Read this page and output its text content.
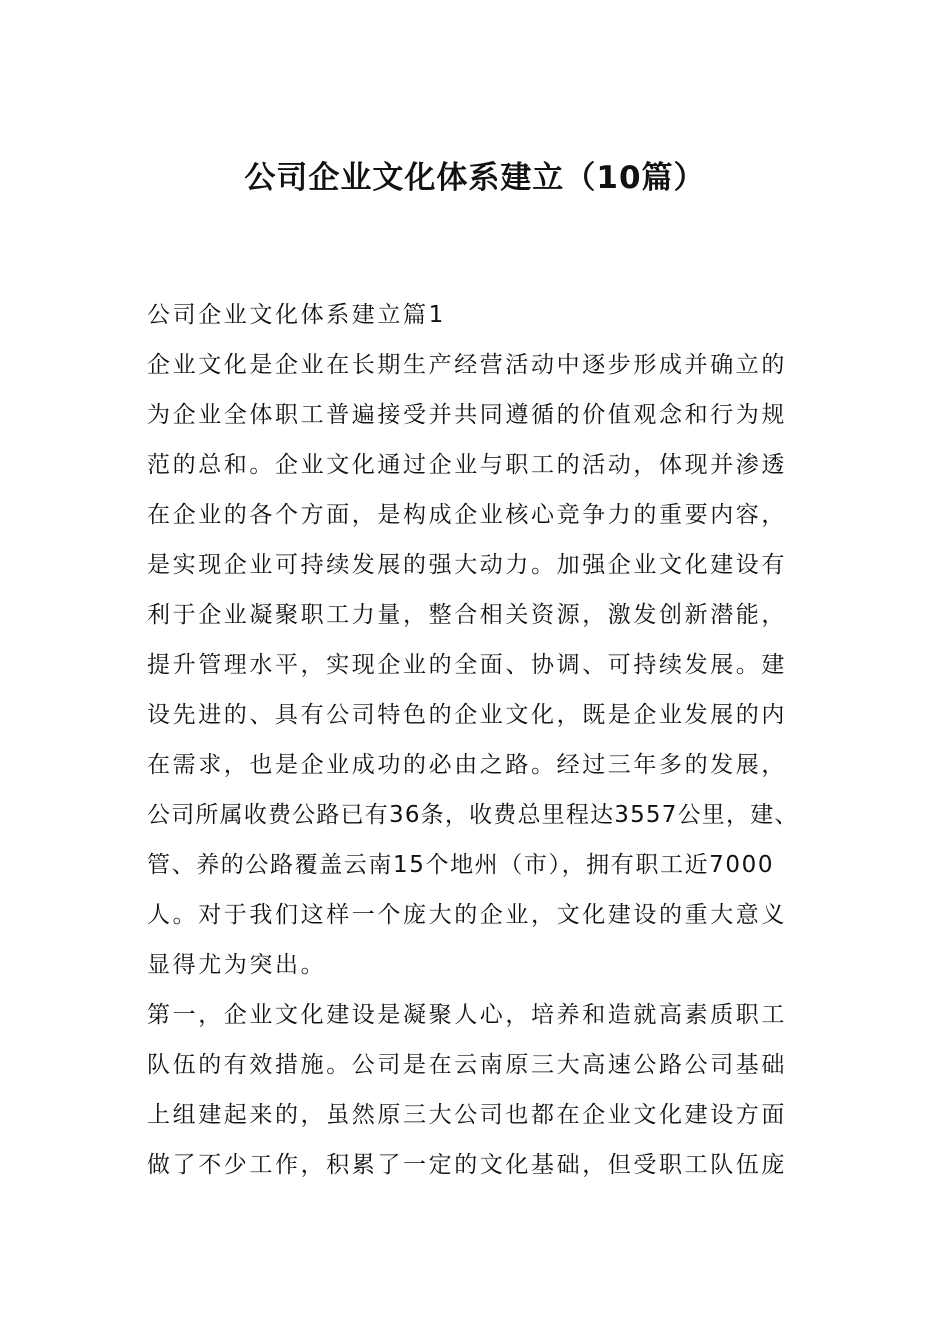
公司企业文化体系建立（10篇）
公司企业文化体系建立篇1
企业文化是企业在长期生产经营活动中逐步形成并确立的
为企业全体职工普遍接受并共同遵循的价值观念和行为规
范的总和。企业文化通过企业与职工的活动，体现并渗透
在企业的各个方面，是构成企业核心竞争力的重要内容，
是实现企业可持续发展的强大动力。加强企业文化建设有
利于企业凝聚职工力量，整合相关资源，激发创新潜能，
提升管理水平，实现企业的全面、协调、可持续发展。建
设先进的、具有公司特色的企业文化，既是企业发展的内
在需求，也是企业成功的必由之路。经过三年多的发展，
公司所属收费公路已有36条，收费总里程达3557公里，建、
管、养的公路覆盖云南15个地州（市），拥有职工近7000
人。对于我们这样一个庞大的企业，文化建设的重大意义
显得尤为突出。
第一，企业文化建设是凝聚人心，培养和造就高素质职工
队伍的有效措施。公司是在云南原三大高速公路公司基础
上组建起来的，虽然原三大公司也都在企业文化建设方面
做了不少工作，积累了一定的文化基础，但受职工队伍庞
